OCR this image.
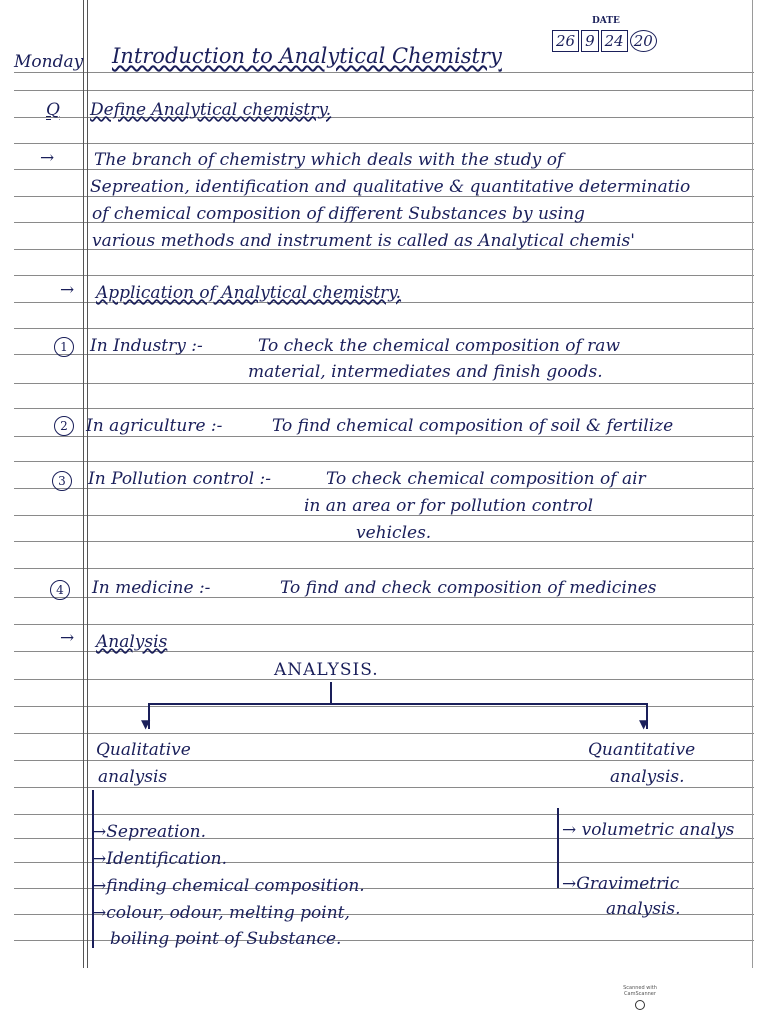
Monday Introduction to Analytical Chemistry
DATE
26 9 24 20
Q Define Analytical chemistry.
→ The branch of chemistry which deals with the study of
Sepreation, identification and qualitative & quantitative determinatio
of chemical composition of different Substances by using
various methods and instrument is called as Analytical chemis'
→ Application of Analytical chemistry.
1	In Industry :-	To check the chemical composition of raw
material, intermediates and finish goods.
2	In agriculture :-	To find chemical composition of soil & fertilize
3	In Pollution control :-	To check chemical composition of air
in an area or for pollution control
vehicles.
4	In medicine :-	To find and check composition of medicines
→ Analysis
ANALYSIS.
▼	▼
Qualitative
analysis
Quantitative
analysis.
→Sepreation.
→Identification.
→finding chemical composition.
→colour, odour, melting point,
boiling point of Substance.
→ volumetric analys
→Gravimetric
analysis.
Scanned with CamScanner
